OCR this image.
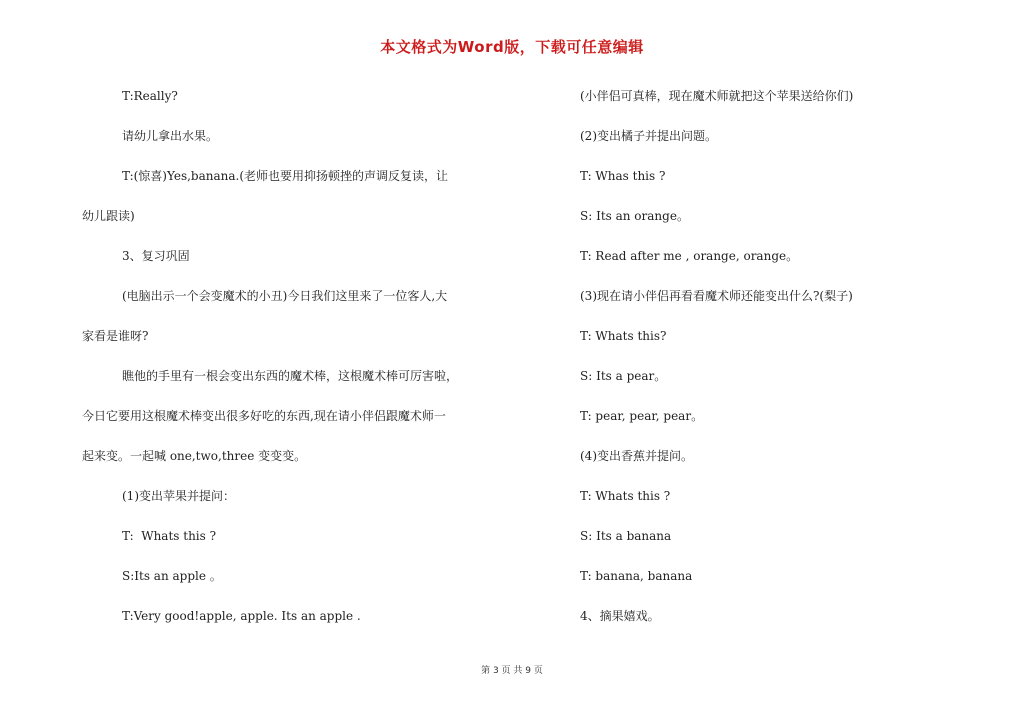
本文格式为Word版，下载可任意编辑
T:Really?
请幼儿拿出水果。
T:(惊喜)Yes,banana.(老师也要用抑扬顿挫的声调反复读，让
幼儿跟读)
3、复习巩固
(电脑出示一个会变魔术的小丑)今日我们这里来了一位客人,大
家看是谁呀?
瞧他的手里有一根会变出东西的魔术棒，这根魔术棒可厉害啦，
今日它要用这根魔术棒变出很多好吃的东西,现在请小伴侣跟魔术师一
起来变。一起喊 one,two,three 变变变。
(1)变出苹果并提问：
T:  Whats this ?
S:Its an apple 。
T:Very good!apple, apple. Its an apple .
(小伴侣可真棒，现在魔术师就把这个苹果送给你们)
(2)变出橘子并提出问题。
T: Whas this ?
S: Its an orange。
T: Read after me , orange, orange。
(3)现在请小伴侣再看看魔术师还能变出什么?(梨子)
T: Whats this?
S: Its a pear。
T: pear, pear, pear。
(4)变出香蕉并提问。
T: Whats this ?
S: Its a banana
T: banana, banana
4、摘果嬉戏。
第 3 页 共 9 页
